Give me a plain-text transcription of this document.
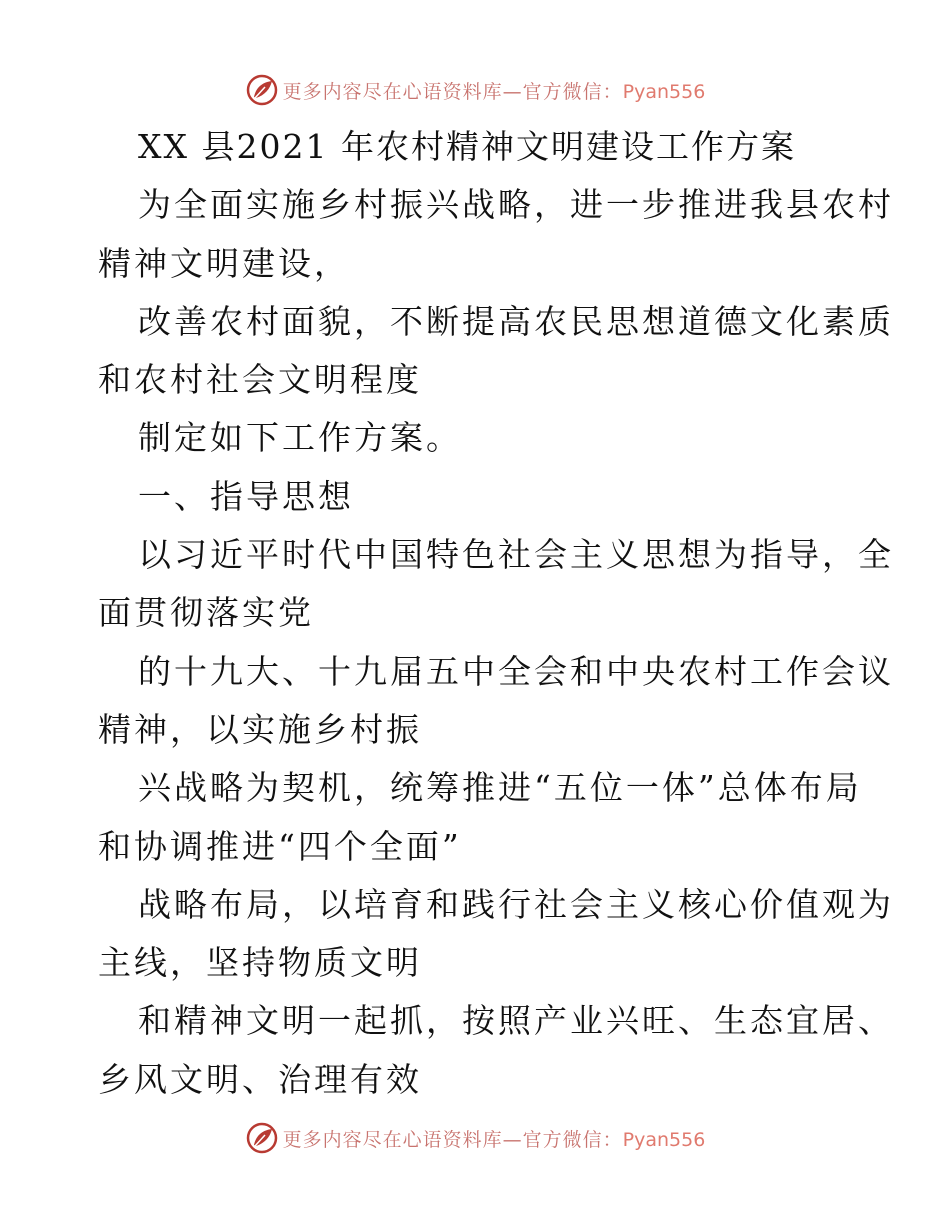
更多内容尽在心语资料库—官方微信：Pyan556
XX 县2021 年农村精神文明建设工作方案
为全面实施乡村振兴战略，进一步推进我县农村
精神文明建设，
改善农村面貌，不断提高农民思想道德文化素质
和农村社会文明程度
制定如下工作方案。
一、指导思想
以习近平时代中国特色社会主义思想为指导，全
面贯彻落实党
的十九大、十九届五中全会和中央农村工作会议
精神，以实施乡村振
兴战略为契机，统筹推进“五位一体”总体布局
和协调推进“四个全面”
战略布局，以培育和践行社会主义核心价值观为
主线，坚持物质文明
和精神文明一起抓，按照产业兴旺、生态宜居、
乡风文明、治理有效
更多内容尽在心语资料库—官方微信：Pyan556
